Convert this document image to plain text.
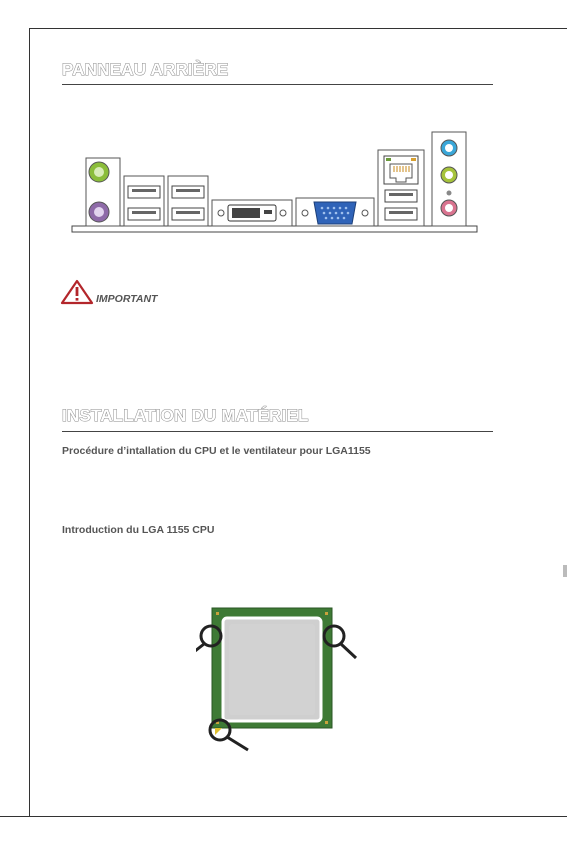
PANNEAU ARRIÈRE
IMPORTANT
INSTALLATION DU MATÉRIEL
Procédure d’intallation du CPU et le ventilateur pour LGA1155
Introduction du LGA 1155 CPU
